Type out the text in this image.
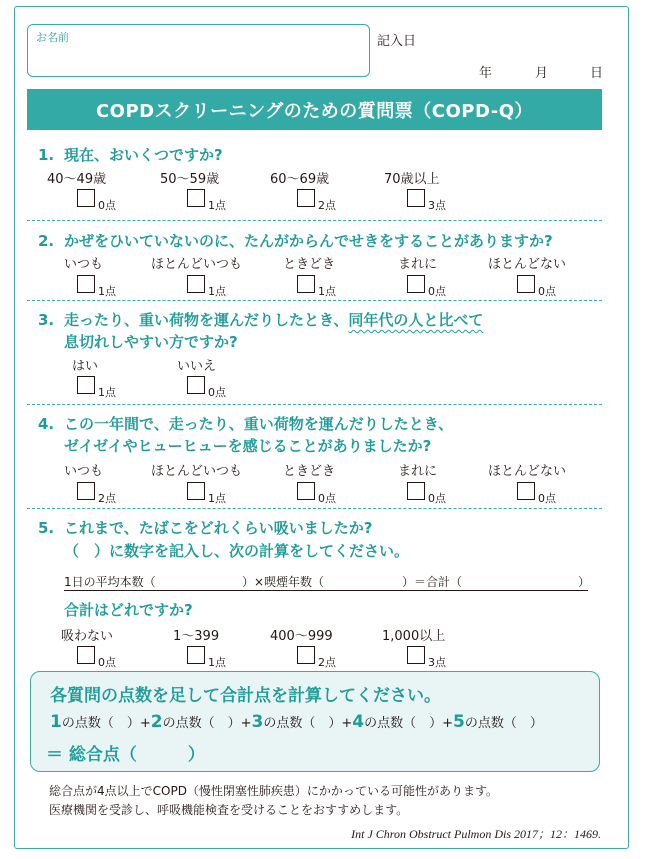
お名前	記入日
年	月	日
COPDスクリーニングのための質問票（COPD-Q）
1. 現在、おいくつですか?
40～49歳	50～59歳	60～69歳	70歳以上
0点	1点	2点	3点
2. かぜをひいていないのに、たんがからんでせきをすることがありますか?
いつも	ほとんどいつも	ときどき	まれに	ほとんどない
1点	1点	1点	0点	0点
3. 走ったり、重い荷物を運んだりしたとき、同年代の人と比べて
息切れしやすい方ですか?
はい	いいえ
1点	0点
4. この一年間で、走ったり、重い荷物を運んだりしたとき、
ゼイゼイやヒューヒューを感じることがありましたか?
いつも	ほとんどいつも	ときどき	まれに	ほとんどない
2点	1点	0点	0点	0点
5. これまで、たばこをどれくらい吸いましたか?
（　）に数字を記入し、次の計算をしてください。
1日の平均本数（	）×喫煙年数（	）＝合計（	）
合計はどれですか?
吸わない	1～399	400～999	1,000以上
0点	1点	2点	3点
各質問の点数を足して合計点を計算してください。
1の点数（　）+2の点数（　）+3の点数（　）+4の点数（　）+5の点数（　）
＝ 総合点（　　　）
総合点が4点以上でCOPD（慢性閉塞性肺疾患）にかかっている可能性があります。
医療機関を受診し、呼吸機能検査を受けることをおすすめします。
Int J Chron Obstruct Pulmon Dis 2017；12：1469.
